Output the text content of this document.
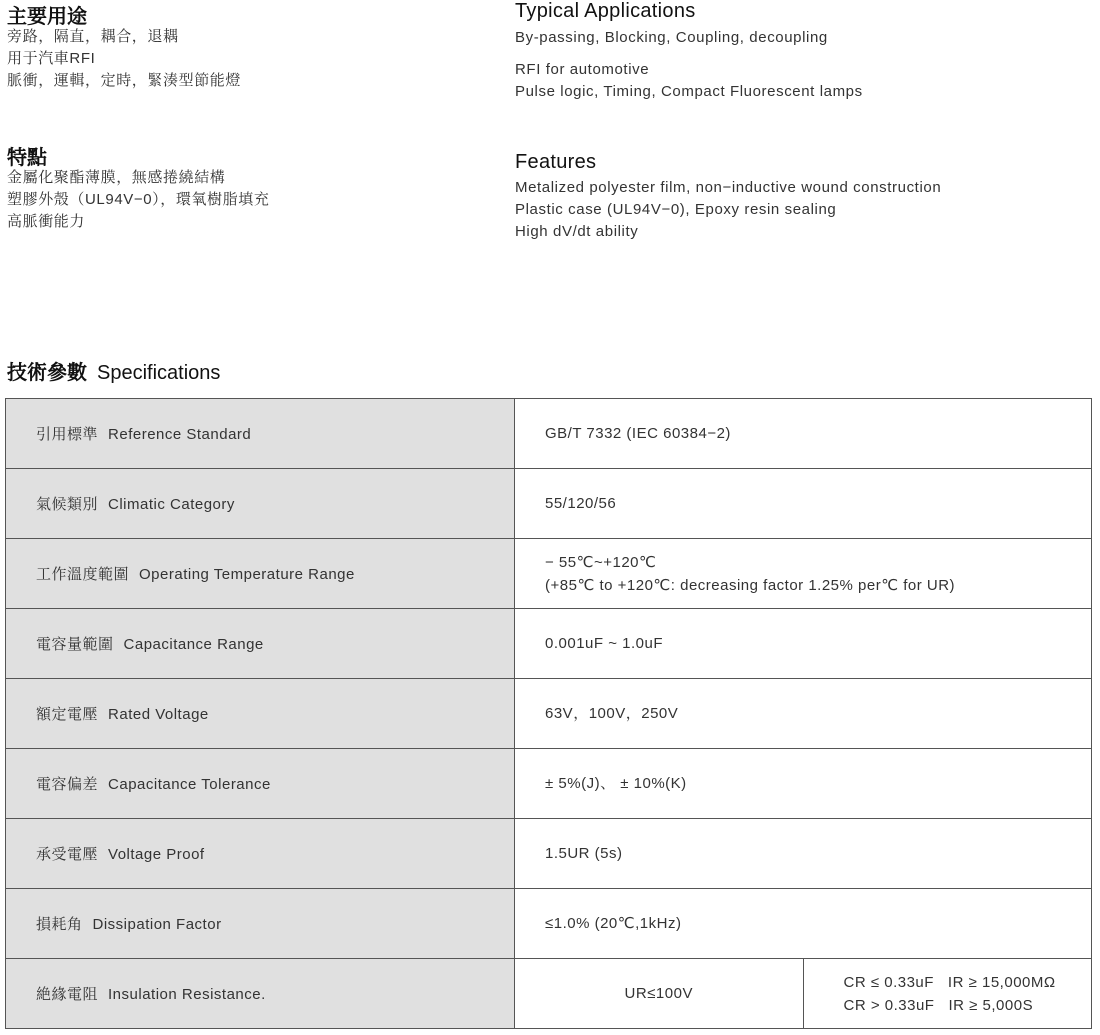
主要用途
旁路，隔直，耦合，退耦
用于汽車RFI
脈衝，運輯，定時，緊湊型節能燈
Typical Applications
By-passing, Blocking, Coupling, decoupling
RFI for automotive
Pulse logic, Timing, Compact Fluorescent lamps
特點
金屬化聚酯薄膜，無感捲繞結構
塑膠外殼（UL94V−0），環氧樹脂填充
高脈衝能力
Features
Metalized polyester film, non−inductive wound construction
Plastic case (UL94V−0), Epoxy resin sealing
High dV/dt ability
技術參數 Specifications
引用標準 Reference Standard	GB/T 7332 (IEC 60384−2)	

氣候類別 Climatic Category	55/120/56	

工作溫度範圍 Operating Temperature Range	− 55℃~+120℃
(+85℃ to +120℃: decreasing factor 1.25% per℃ for UR)	

電容量範圍 Capacitance Range	0.001uF ~ 1.0uF	

額定電壓 Rated Voltage	63V，100V，250V	

電容偏差 Capacitance Tolerance	± 5%(J)、 ± 10%(K)	

承受電壓 Voltage Proof	1.5UR (5s)	

損耗角 Dissipation Factor	≤1.0% (20℃,1kHz)	

絶緣電阻 Insulation Resistance.	UR≤100V	CR ≤ 0.33uF   IR ≥ 15,000MΩ
CR > 0.33uF   IR ≥ 5,000S
